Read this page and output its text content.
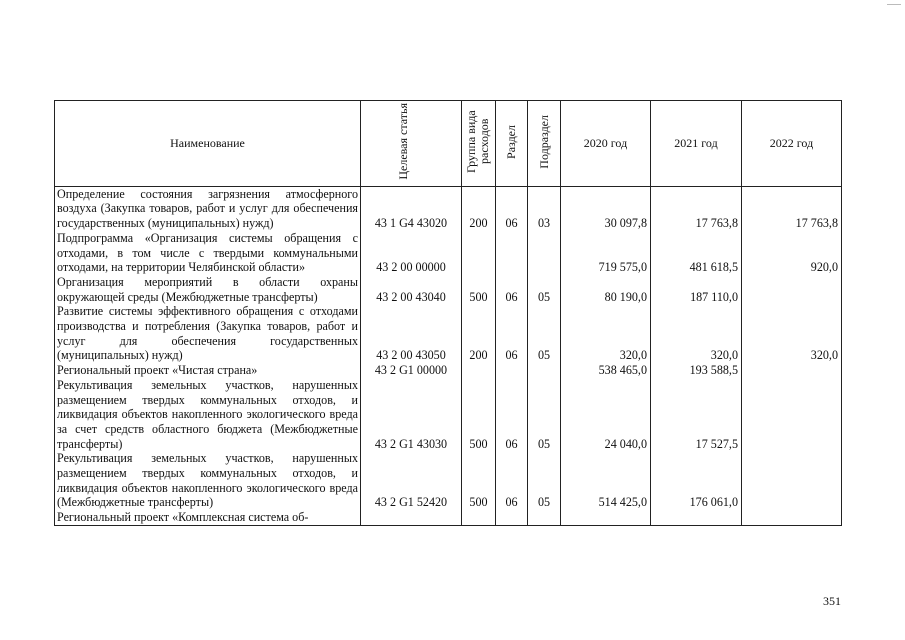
Наименование	Целевая статья	Группа вида расходов	Раздел	Подраздел	2020 год	2021 год	2022 год
Определение состояния загрязнения атмосферного воздуха (Закупка товаров, работ и услуг для обеспечения государственных (муниципальных) нужд)	43 1 G4 43020	200	06	03	30 097,8	17 763,8	17 763,8
Подпрограмма «Организация системы обращения с отходами, в том числе с твердыми коммунальными отходами, на территории Челябинской области»	43 2 00 00000				719 575,0	481 618,5	920,0
Организация мероприятий в области охраны окружающей среды (Межбюджетные трансферты)	43 2 00 43040	500	06	05	80 190,0	187 110,0	
Развитие системы эффективного обращения с отходами производства и потребления (Закупка товаров, работ и услуг для обеспечения государственных (муниципальных) нужд)	43 2 00 43050	200	06	05	320,0	320,0	320,0
Региональный проект «Чистая страна»	43 2 G1 00000				538 465,0	193 588,5	
Рекультивация земельных участков, нарушенных размещением твердых коммунальных отходов, и ликвидация объектов накопленного экологического вреда за счет средств областного бюджета (Межбюджетные трансферты)	43 2 G1 43030	500	06	05	24 040,0	17 527,5	
Рекультивация земельных участков, нарушенных размещением твердых коммунальных отходов, и ликвидация объектов накопленного экологического вреда (Межбюджетные трансферты)	43 2 G1 52420	500	06	05	514 425,0	176 061,0	
Региональный проект «Комплексная система об-							
351
